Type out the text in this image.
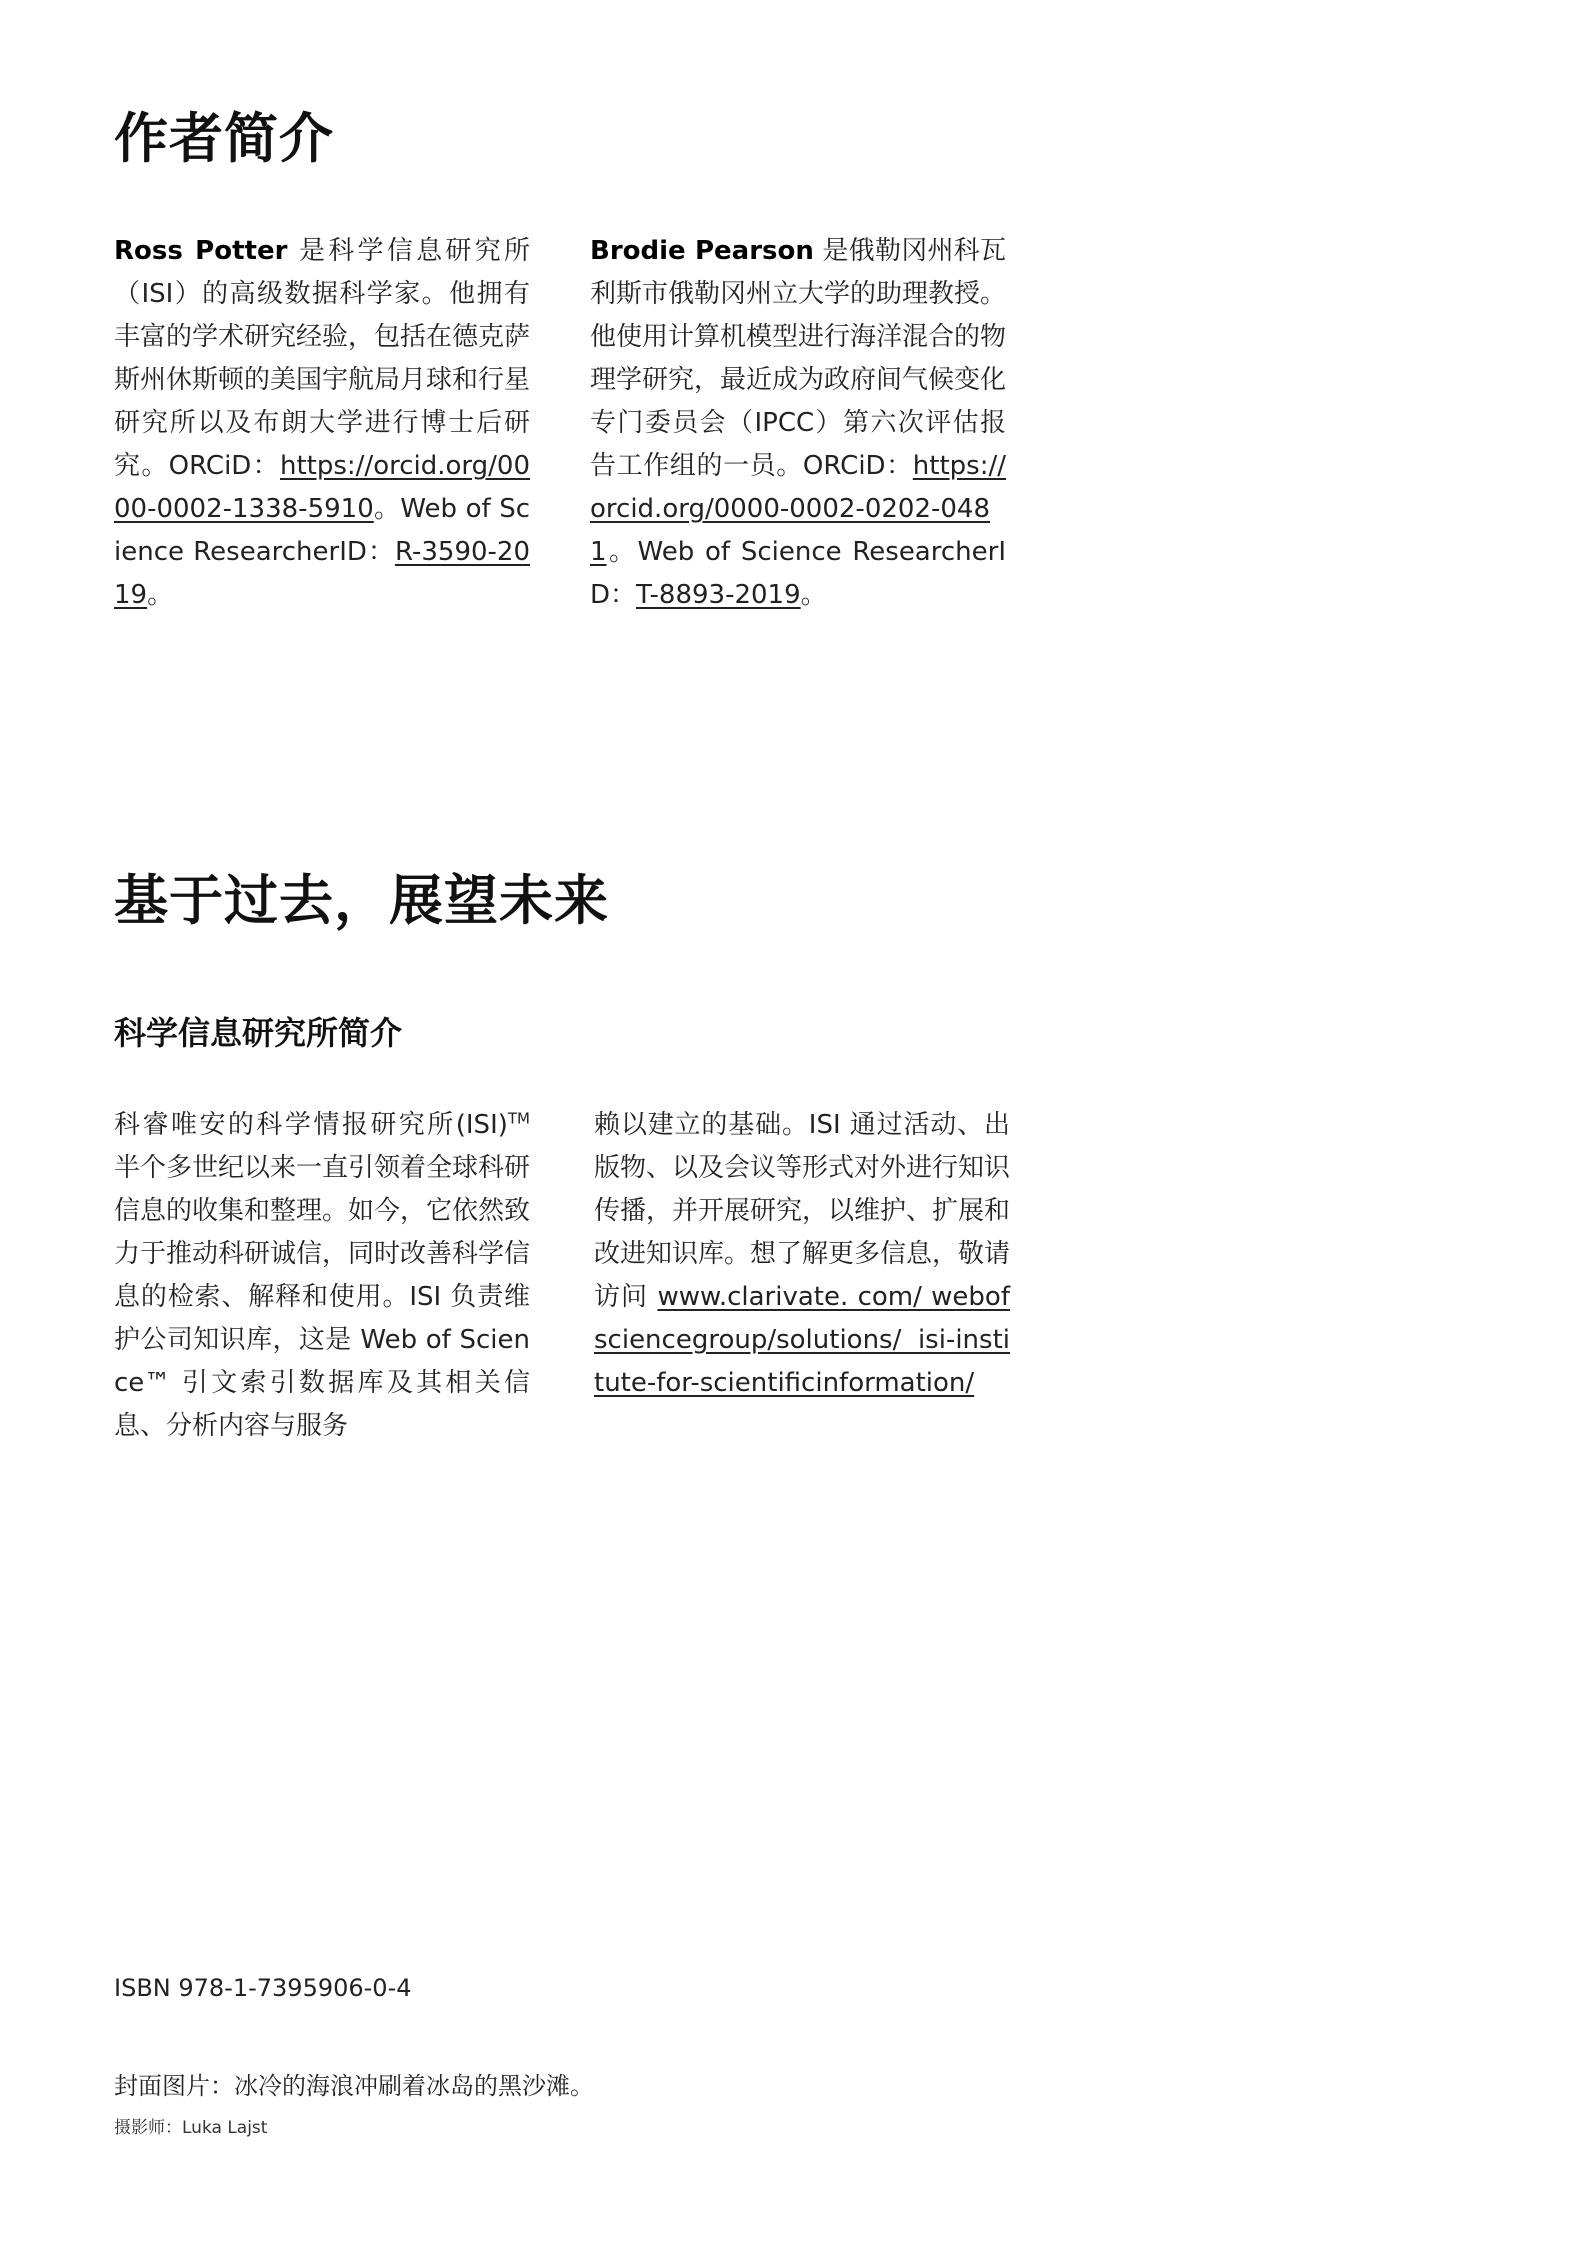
作者简介
Ross Potter 是科学信息研究所（ISI）的高级数据科学家。他拥有丰富的学术研究经验，包括在德克萨斯州休斯顿的美国宇航局月球和行星研究所以及布朗大学进行博士后研究。ORCiD：https://orcid.org/0000-0002-1338-5910。Web of Science ResearcherID：R-3590-2019。
Brodie Pearson 是俄勒冈州科瓦利斯市俄勒冈州立大学的助理教授。他使用计算机模型进行海洋混合的物理学研究，最近成为政府间气候变化专门委员会（IPCC）第六次评估报告工作组的一员。ORCiD：https://orcid.org/0000-0002-0202-0481。Web of Science ResearcherID：T-8893-2019。
基于过去，展望未来
科学信息研究所简介
科睿唯安的科学情报研究所(ISI)™ 半个多世纪以来一直引领着全球科研信息的收集和整理。如今，它依然致力于推动科研诚信，同时改善科学信息的检索、解释和使用。ISI 负责维护公司知识库，这是 Web of Science™ 引文索引数据库及其相关信息、分析内容与服务
赖以建立的基础。ISI 通过活动、出版物、以及会议等形式对外进行知识传播，并开展研究，以维护、扩展和改进知识库。想了解更多信息，敬请访问 www.clarivate. com/ webofsciencegroup/solutions/ isi-institute-for-scientificinformation/
ISBN 978-1-7395906-0-4
封面图片：冰冷的海浪冲刷着冰岛的黑沙滩。
摄影师：Luka Lajst
